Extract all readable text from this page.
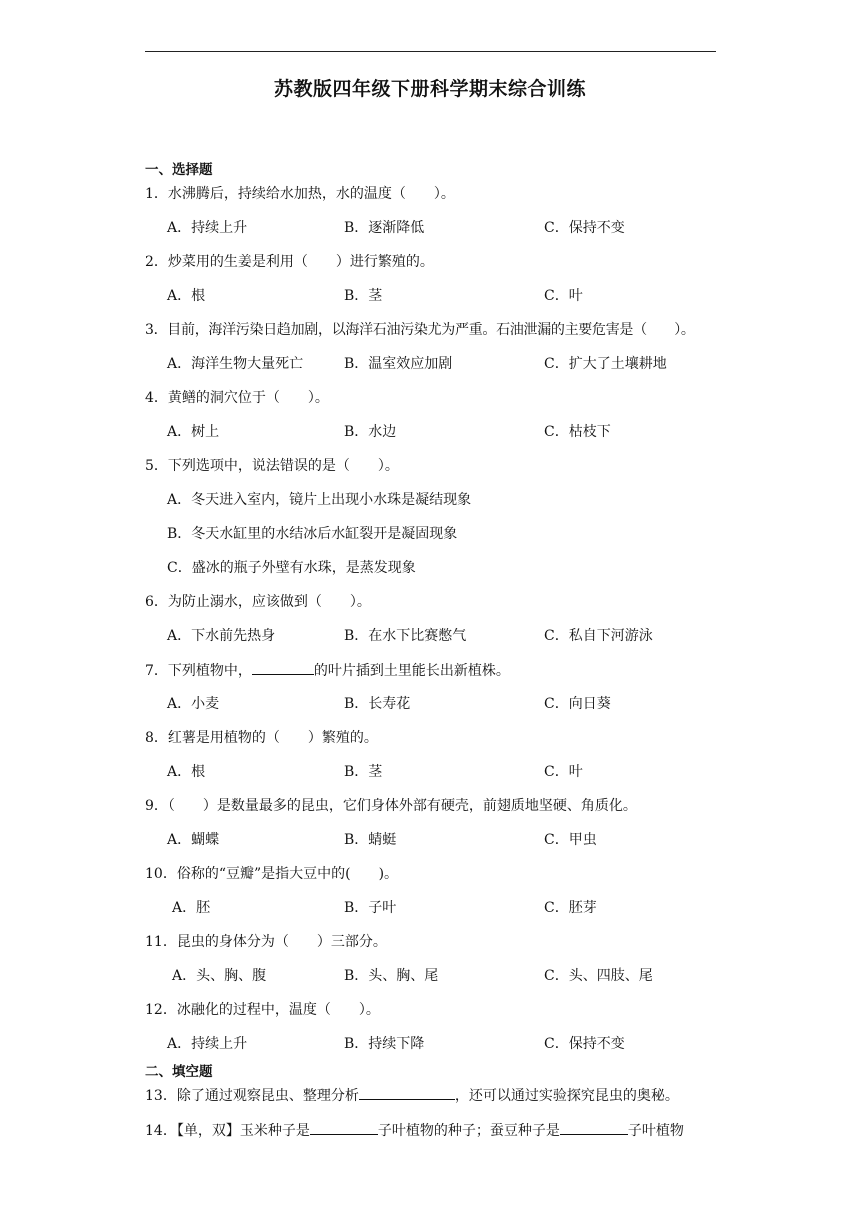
苏教版四年级下册科学期末综合训练
一、选择题
1．水沸腾后，持续给水加热，水的温度（　　）。
A．持续上升	B．逐渐降低	C．保持不变
2．炒菜用的生姜是利用（　　）进行繁殖的。
A．根	B．茎	C．叶
3．目前，海洋污染日趋加剧，以海洋石油污染尤为严重。石油泄漏的主要危害是（　　）。
A．海洋生物大量死亡	B．温室效应加剧	C．扩大了土壤耕地
4．黄鳝的洞穴位于（　　）。
A．树上	B．水边	C．枯枝下
5．下列选项中，说法错误的是（　　）。
A．冬天进入室内，镜片上出现小水珠是凝结现象
B．冬天水缸里的水结冰后水缸裂开是凝固现象
C．盛冰的瓶子外壁有水珠，是蒸发现象
6．为防止溺水，应该做到（　　）。
A．下水前先热身	B．在水下比赛憋气	C．私自下河游泳
7．下列植物中，	的叶片插到土里能长出新植株。
A．小麦	B．长寿花	C．向日葵
8．红薯是用植物的（　　）繁殖的。
A．根	B．茎	C．叶
9．（　　）是数量最多的昆虫，它们身体外部有硬壳，前翅质地坚硬、角质化。
A．蝴蝶	B．蜻蜓	C．甲虫
10．俗称的“豆瓣”是指大豆中的(　　)。
A．胚	B．子叶	C．胚芽
11．昆虫的身体分为（　　）三部分。
A．头、胸、腹	B．头、胸、尾	C．头、四肢、尾
12．冰融化的过程中，温度（　　）。
A．持续上升	B．持续下降	C．保持不变
二、填空题
13．除了通过观察昆虫、整理分析	，还可以通过实验探究昆虫的奥秘。
14．【单，双】玉米种子是	子叶植物的种子；蚕豆种子是	子叶植物
